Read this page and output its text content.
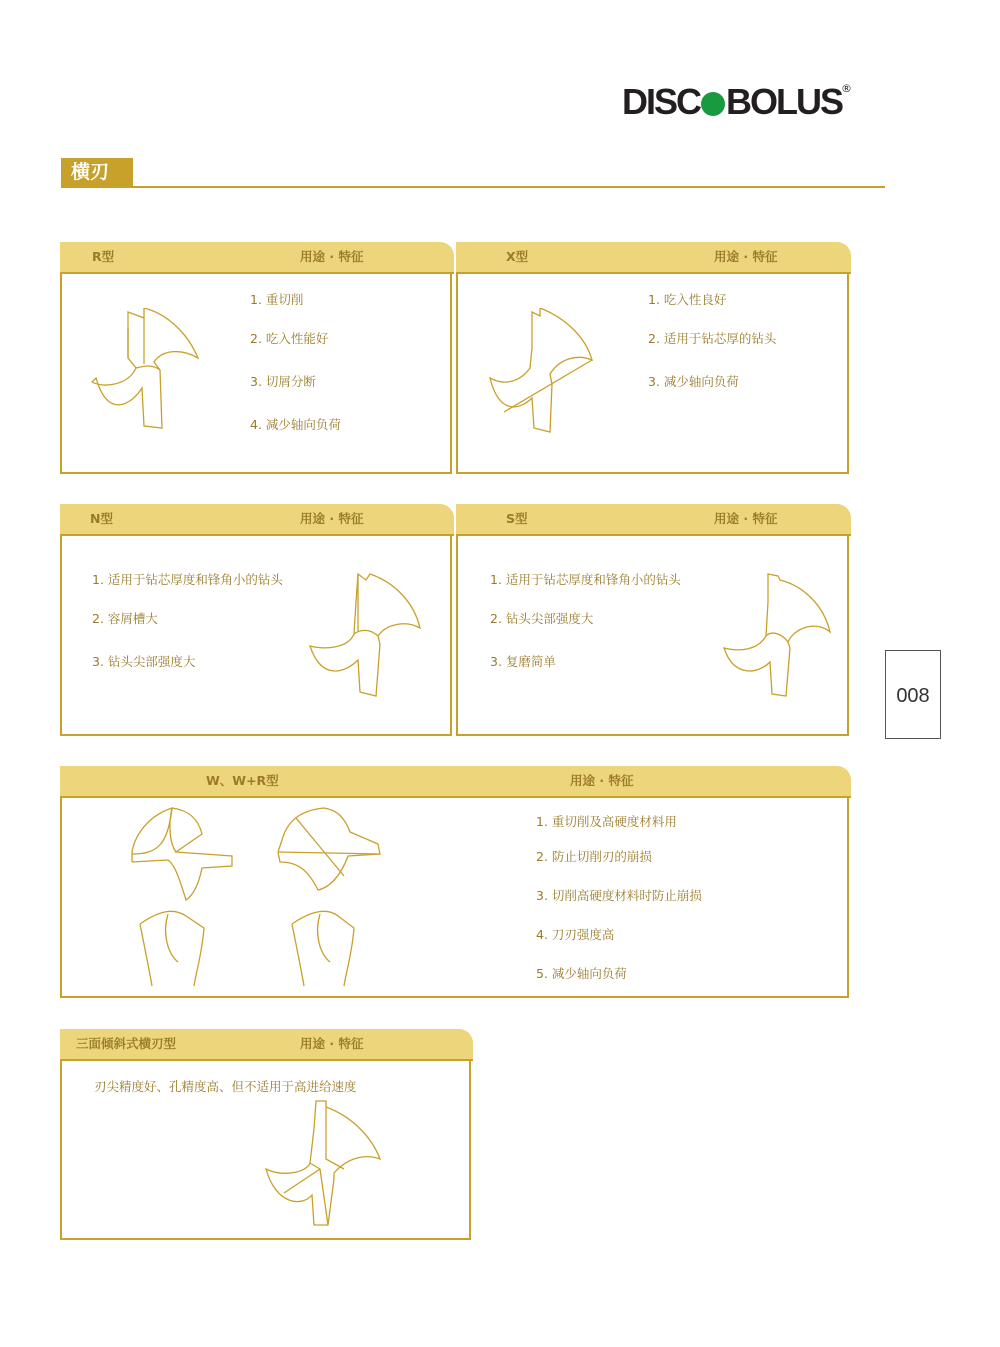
DISC BOLUS
®
横刃
R型	用途 · 特征
1. 重切削
2. 吃入性能好
3. 切屑分断
4. 减少轴向负荷
X型	用途 · 特征
1. 吃入性良好
2. 适用于钻芯厚的钻头
3. 减少轴向负荷
N型	用途 · 特征
1. 适用于钻芯厚度和锋角小的钻头
2. 容屑槽大
3. 钻头尖部强度大
S型	用途 · 特征
1. 适用于钻芯厚度和锋角小的钻头
2. 钻头尖部强度大
3. 复磨简单
W、W+R型	用途 · 特征
1. 重切削及高硬度材料用
2. 防止切削刃的崩损
3. 切削高硬度材料时防止崩损
4. 刀刃强度高
5. 减少轴向负荷
三面倾斜式横刃型	用途 · 特征
刃尖精度好、孔精度高、但不适用于高进给速度
008
